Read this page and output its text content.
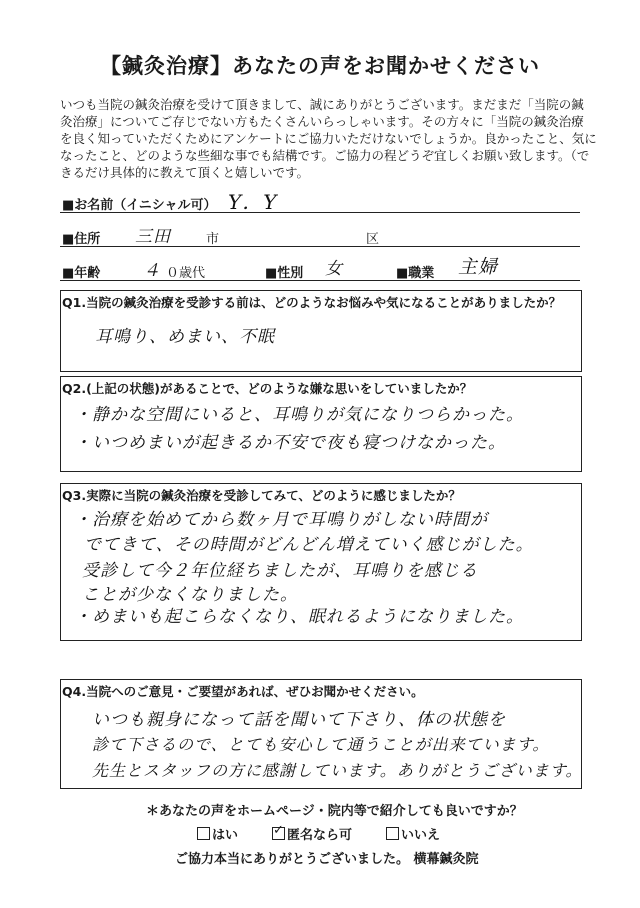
【鍼灸治療】あなたの声をお聞かせください
いつも当院の鍼灸治療を受けて頂きまして、誠にありがとうございます。まだまだ「当院の鍼
灸治療」についてご存じでない方もたくさんいらっしゃいます。その方々に「当院の鍼灸治療
を良く知っていただくためにアンケートにご協力いただけないでしょうか。良かったこと、気に
なったこと、どのような些細な事でも結構です。ご協力の程どうぞ宜しくお願い致します。（で
きるだけ具体的に教えて頂くと嬉しいです。
■お名前（イニシャル可） Y．Y
■住所 三田	市	区
■年齢	４ ０歳代	■性別 女	■職業 主婦
Q1.当院の鍼灸治療を受診する前は、どのようなお悩みや気になることがありましたか？
耳鳴り、めまい、不眠
Q2.(上記の状態)があることで、どのような嫌な思いをしていましたか？
・静かな空間にいると、耳鳴りが気になりつらかった。
・いつめまいが起きるか不安で夜も寝つけなかった。
Q3.実際に当院の鍼灸治療を受診してみて、どのように感じましたか？
・治療を始めてから数ヶ月で耳鳴りがしない時間が
でてきて、その時間がどんどん増えていく感じがした。
受診して今２年位経ちましたが、耳鳴りを感じる
ことが少なくなりました。
・めまいも起こらなくなり、眠れるようになりました。
Q4.当院へのご意見・ご要望があれば、ぜひお聞かせください。
いつも親身になって話を聞いて下さり、体の状態を
診て下さるので、とても安心して通うことが出来ています。
先生とスタッフの方に感謝しています。ありがとうございます。
＊あなたの声をホームページ・院内等で紹介しても良いですか？
はい
✓	匿名なら可	いいえ
ご協力本当にありがとうございました。 横幕鍼灸院
